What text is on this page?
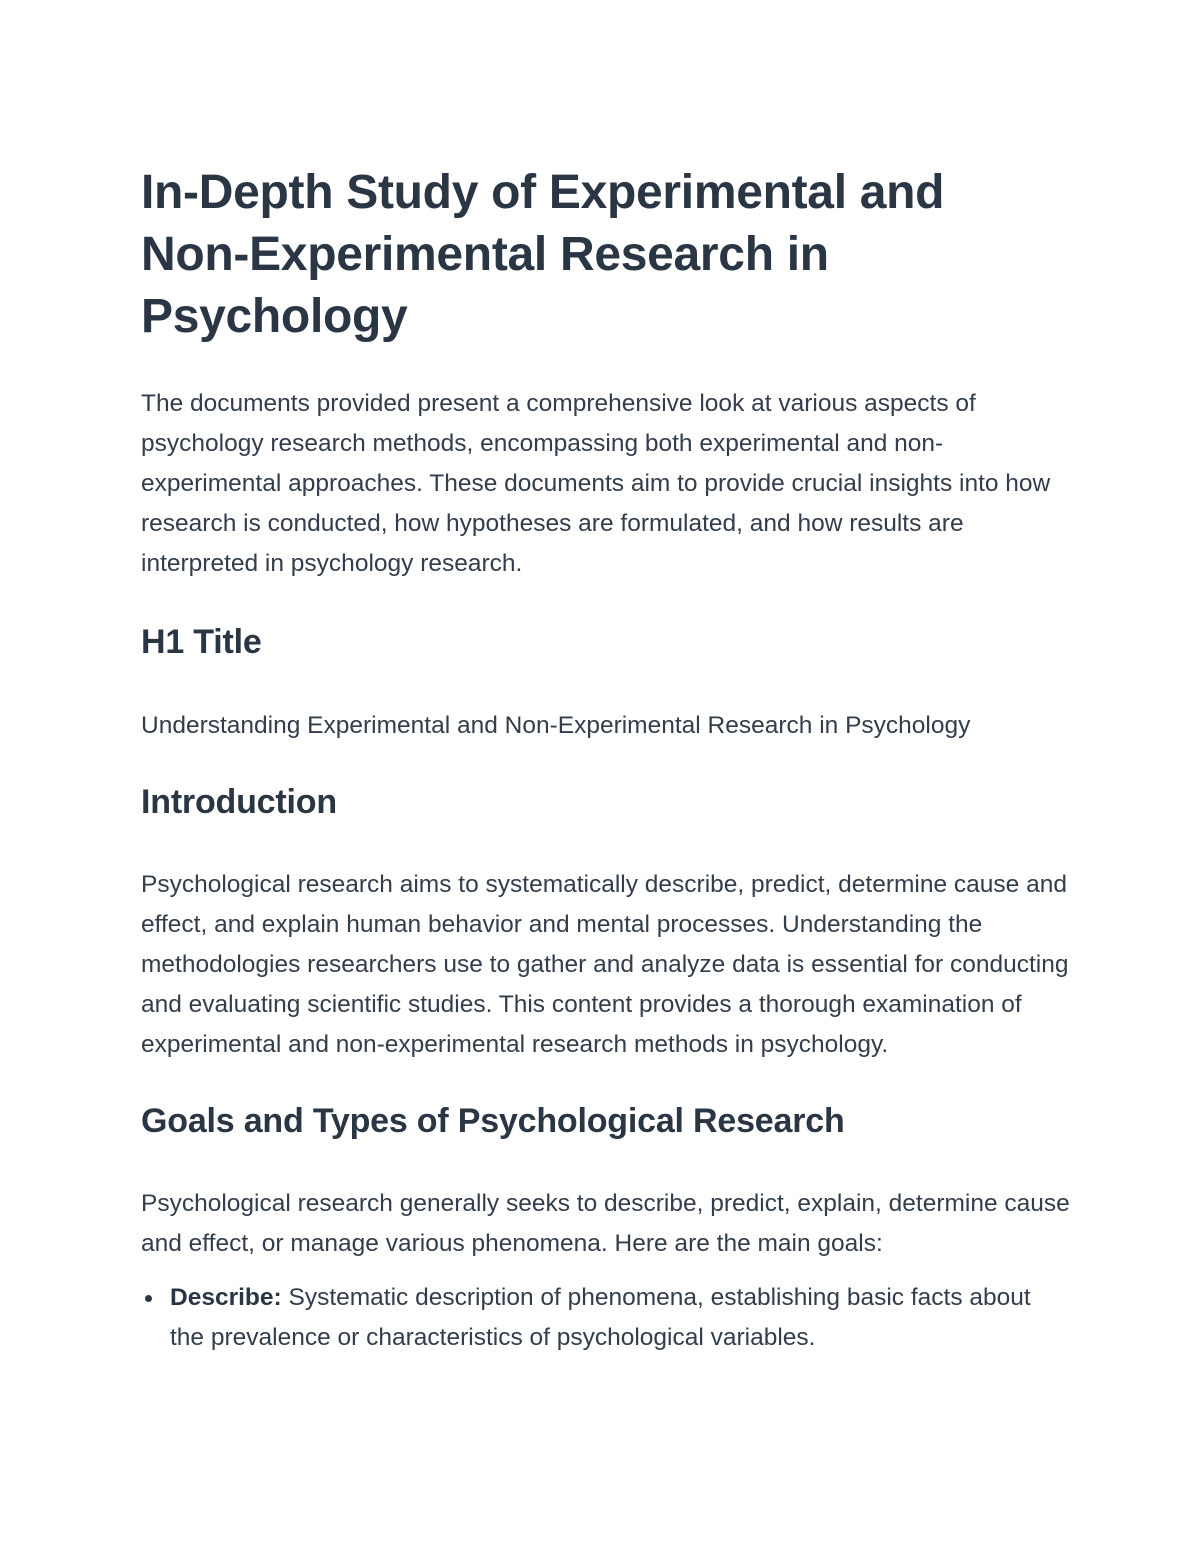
In-Depth Study of Experimental and Non-Experimental Research in Psychology

The documents provided present a comprehensive look at various aspects of psychology research methods, encompassing both experimental and non-experimental approaches. These documents aim to provide crucial insights into how research is conducted, how hypotheses are formulated, and how results are interpreted in psychology research.

H1 Title

Understanding Experimental and Non-Experimental Research in Psychology

Introduction

Psychological research aims to systematically describe, predict, determine cause and effect, and explain human behavior and mental processes. Understanding the methodologies researchers use to gather and analyze data is essential for conducting and evaluating scientific studies. This content provides a thorough examination of experimental and non-experimental research methods in psychology.

Goals and Types of Psychological Research

Psychological research generally seeks to describe, predict, explain, determine cause and effect, or manage various phenomena. Here are the main goals:

Describe: Systematic description of phenomena, establishing basic facts about the prevalence or characteristics of psychological variables.
